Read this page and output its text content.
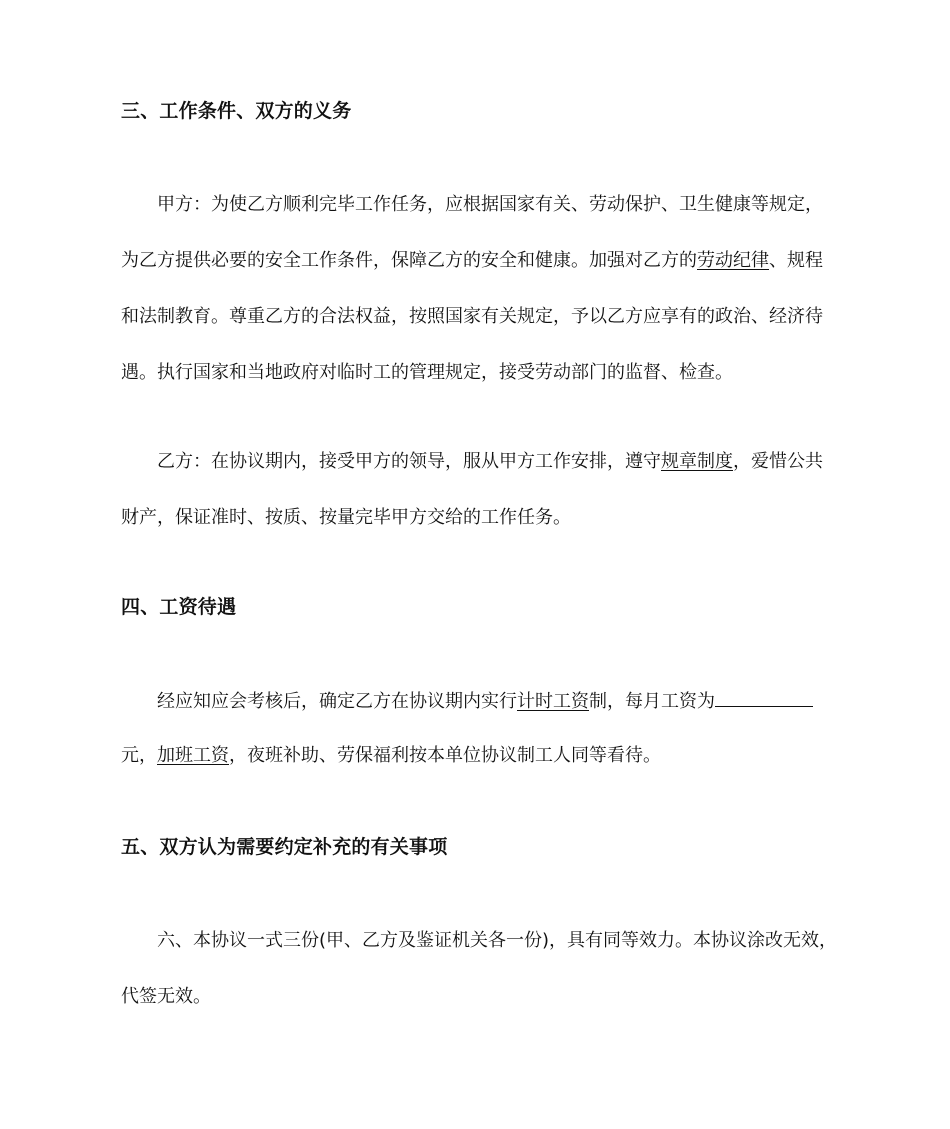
三、工作条件、双方的义务

甲方：为使乙方顺利完毕工作任务，应根据国家有关、劳动保护、卫生健康等规定，

为乙方提供必要的安全工作条件，保障乙方的安全和健康。加强对乙方的劳动纪律、规程

和法制教育。尊重乙方的合法权益，按照国家有关规定，予以乙方应享有的政治、经济待

遇。执行国家和当地政府对临时工的管理规定，接受劳动部门的监督、检查。

乙方：在协议期内，接受甲方的领导，服从甲方工作安排，遵守规章制度，爱惜公共

财产，保证准时、按质、按量完毕甲方交给的工作任务。

四、工资待遇

经应知应会考核后，确定乙方在协议期内实行计时工资制，每月工资为

元，加班工资，夜班补助、劳保福利按本单位协议制工人同等看待。

五、双方认为需要约定补充的有关事项

六、本协议一式三份(甲、乙方及鉴证机关各一份)，具有同等效力。本协议涂改无效，

代签无效。
